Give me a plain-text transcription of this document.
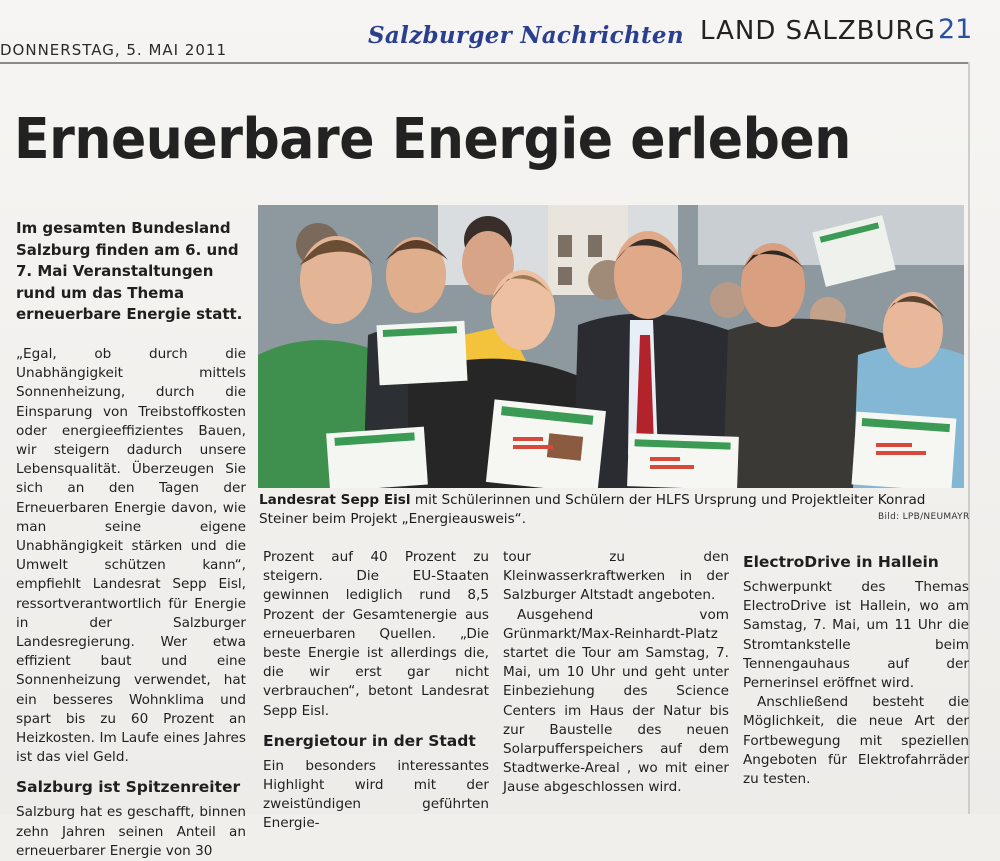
DONNERSTAG, 5. MAI 2011
Salzburger Nachrichten LAND SALZBURG 21
Erneuerbare Energie erleben
Im gesamten Bundesland Salzburg finden am 6. und 7. Mai Veranstaltungen rund um das Thema erneuerbare Energie statt.

„Egal, ob durch die Unabhängigkeit mittels Sonnenheizung, durch die Einsparung von Treibstoffkosten oder energieeffizientes Bauen, wir steigern dadurch unsere Lebensqualität. Überzeugen Sie sich an den Tagen der Erneuerbaren Energie davon, wie man seine eigene Unabhängigkeit stärken und die Umwelt schützen kann“, empfiehlt Landesrat Sepp Eisl, ressortverantwortlich für Energie in der Salzburger Landesregierung. Wer etwa effizient baut und eine Sonnenheizung verwendet, hat ein besseres Wohnklima und spart bis zu 60 Prozent an Heizkosten. Im Laufe eines Jahres ist das viel Geld.

Salzburg ist Spitzenreiter

Salzburg hat es geschafft, binnen zehn Jahren seinen Anteil an erneuerbarer Energie von 30

Landesrat Sepp Eisl mit Schülerinnen und Schülern der HLFS Ursprung und Projektleiter Konrad Steiner beim Projekt „Energieausweis“.	Bild: LPB/NEUMAYR

Prozent auf 40 Prozent zu steigern. Die EU-Staaten gewinnen lediglich rund 8,5 Prozent der Gesamtenergie aus erneuerbaren Quellen. „Die beste Energie ist allerdings die, die wir erst gar nicht verbrauchen“, betont Landesrat Sepp Eisl.

Energietour in der Stadt

Ein besonders interessantes Highlight wird mit der zweistündigen geführten Energie-

tour zu den Kleinwasserkraftwerken in der Salzburger Altstadt angeboten.

Ausgehend vom Grünmarkt/Max-Reinhardt-Platz startet die Tour am Samstag, 7. Mai, um 10 Uhr und geht unter Einbeziehung des Science Centers im Haus der Natur bis zur Baustelle des neuen Solarpufferspeichers auf dem Stadtwerke-Areal , wo mit einer Jause abgeschlossen wird.

ElectroDrive in Hallein

Schwerpunkt des Themas ElectroDrive ist Hallein, wo am Samstag, 7. Mai, um 11 Uhr die Stromtankstelle beim Tennengauhaus auf der Pernerinsel eröffnet wird.

Anschließend besteht die Möglichkeit, die neue Art der Fortbewegung mit speziellen Angeboten für Elektrofahrräder zu testen.
